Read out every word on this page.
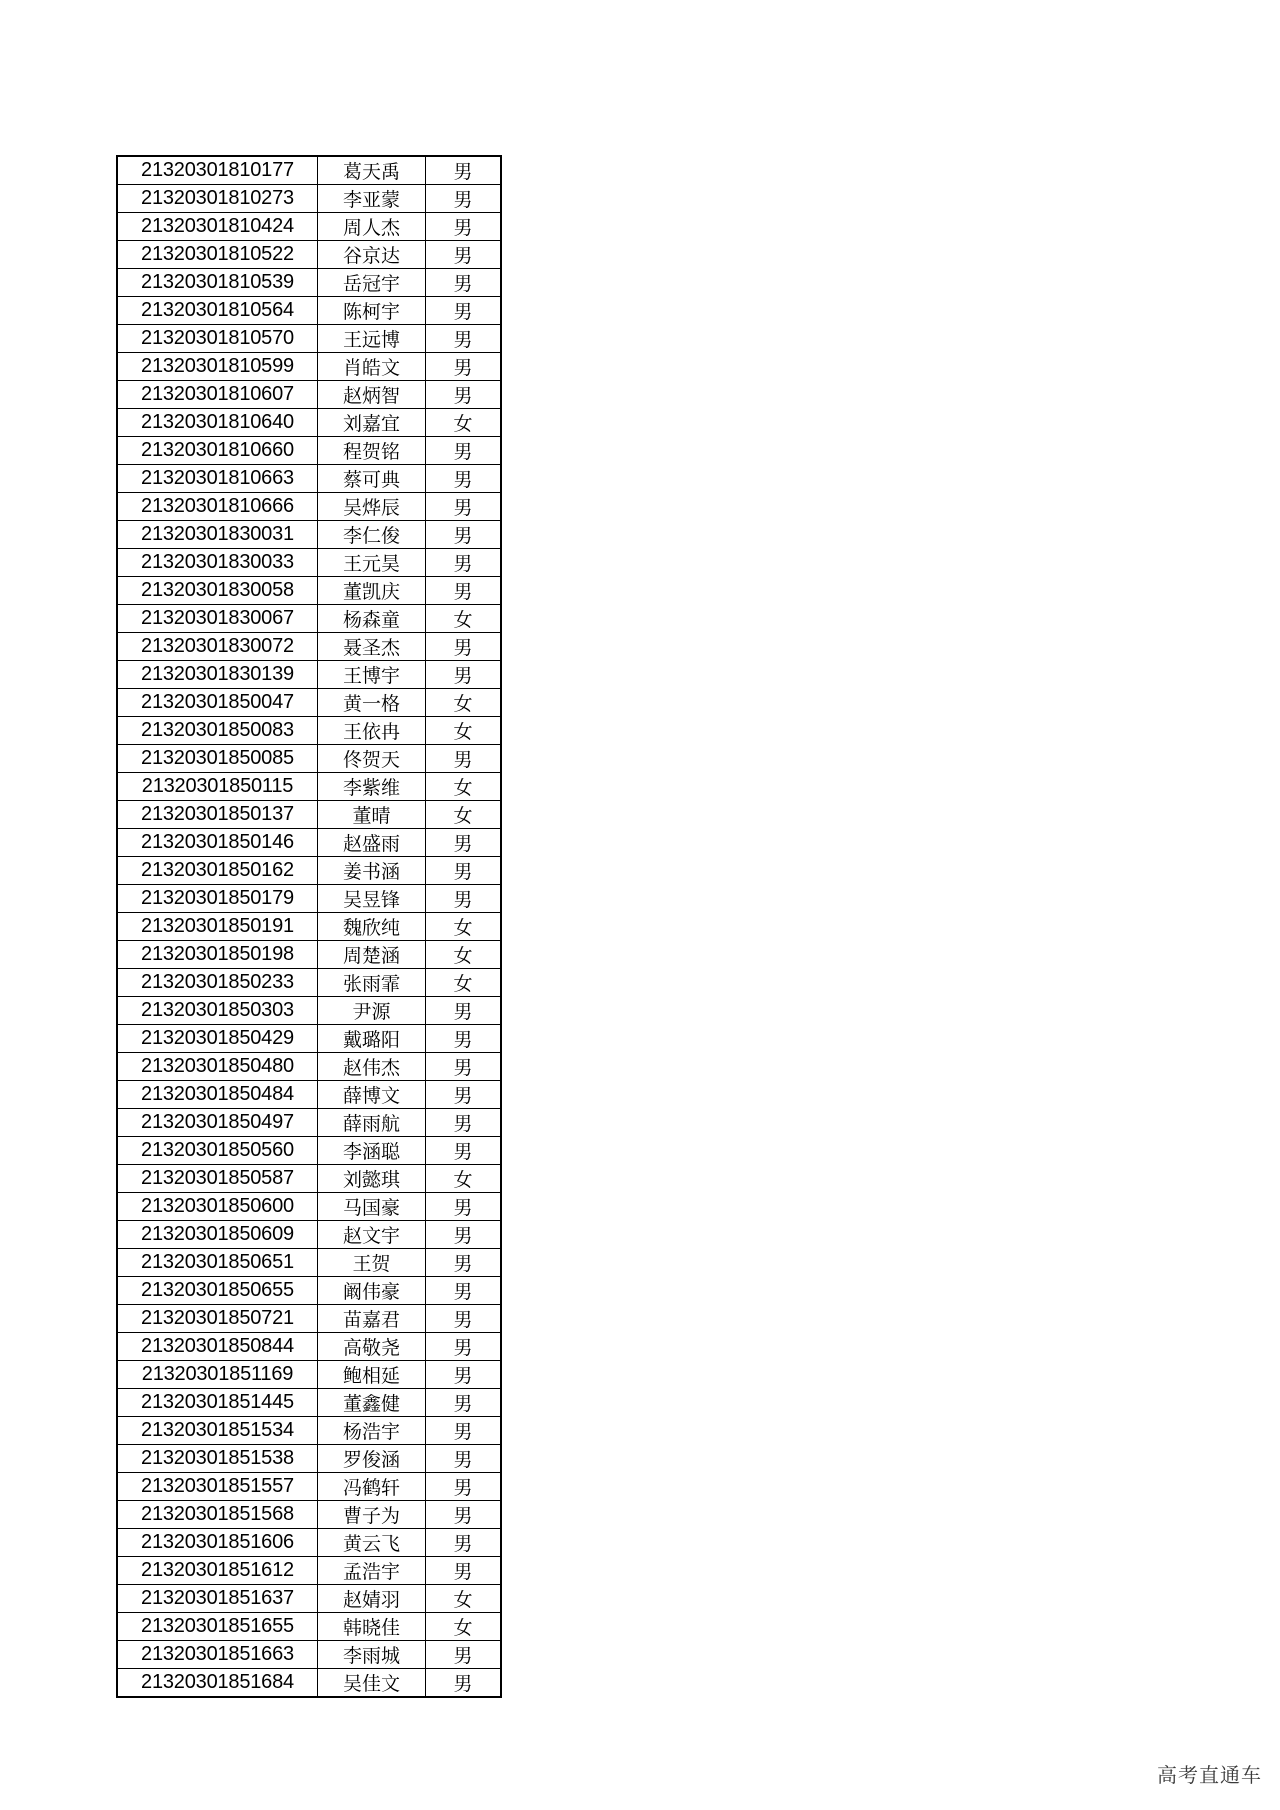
21320301810177	葛天禹	男
21320301810273	李亚蒙	男
21320301810424	周人杰	男
21320301810522	谷京达	男
21320301810539	岳冠宇	男
21320301810564	陈柯宇	男
21320301810570	王远博	男
21320301810599	肖皓文	男
21320301810607	赵炳智	男
21320301810640	刘嘉宜	女
21320301810660	程贺铭	男
21320301810663	蔡可典	男
21320301810666	吴烨辰	男
21320301830031	李仁俊	男
21320301830033	王元昊	男
21320301830058	董凯庆	男
21320301830067	杨森童	女
21320301830072	聂圣杰	男
21320301830139	王博宇	男
21320301850047	黄一格	女
21320301850083	王依冉	女
21320301850085	佟贺天	男
21320301850115	李紫维	女
21320301850137	董晴	女
21320301850146	赵盛雨	男
21320301850162	姜书涵	男
21320301850179	吴昱锋	男
21320301850191	魏欣纯	女
21320301850198	周楚涵	女
21320301850233	张雨霏	女
21320301850303	尹源	男
21320301850429	戴璐阳	男
21320301850480	赵伟杰	男
21320301850484	薛博文	男
21320301850497	薛雨航	男
21320301850560	李涵聪	男
21320301850587	刘懿琪	女
21320301850600	马国豪	男
21320301850609	赵文宇	男
21320301850651	王贺	男
21320301850655	阚伟豪	男
21320301850721	苗嘉君	男
21320301850844	高敬尧	男
21320301851169	鲍相延	男
21320301851445	董鑫健	男
21320301851534	杨浩宇	男
21320301851538	罗俊涵	男
21320301851557	冯鹤轩	男
21320301851568	曹子为	男
21320301851606	黄云飞	男
21320301851612	孟浩宇	男
21320301851637	赵婧羽	女
21320301851655	韩晓佳	女
21320301851663	李雨城	男
21320301851684	吴佳文	男
高考直通车
